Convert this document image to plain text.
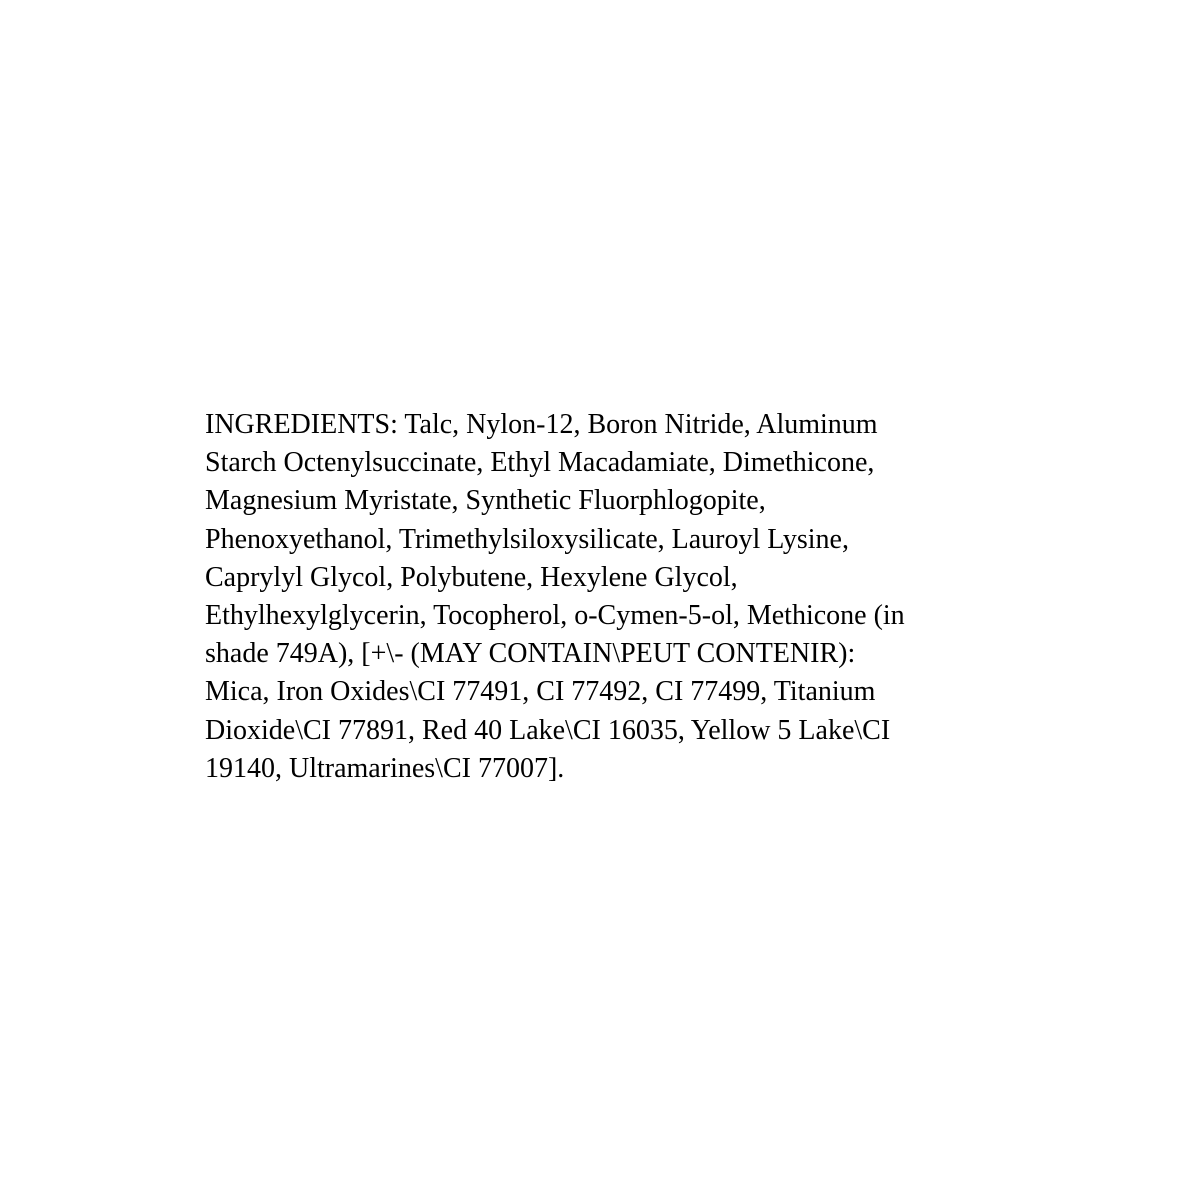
INGREDIENTS: Talc, Nylon-12, Boron Nitride, Aluminum
Starch Octenylsuccinate, Ethyl Macadamiate, Dimethicone,
Magnesium Myristate, Synthetic Fluorphlogopite,
Phenoxyethanol, Trimethylsiloxysilicate, Lauroyl Lysine,
Caprylyl Glycol, Polybutene, Hexylene Glycol,
Ethylhexylglycerin, Tocopherol, o-Cymen-5-ol, Methicone (in
shade 749A), [+\- (MAY CONTAIN\PEUT CONTENIR):
Mica, Iron Oxides\CI 77491, CI 77492, CI 77499, Titanium
Dioxide\CI 77891, Red 40 Lake\CI 16035, Yellow 5 Lake\CI
19140, Ultramarines\CI 77007].
